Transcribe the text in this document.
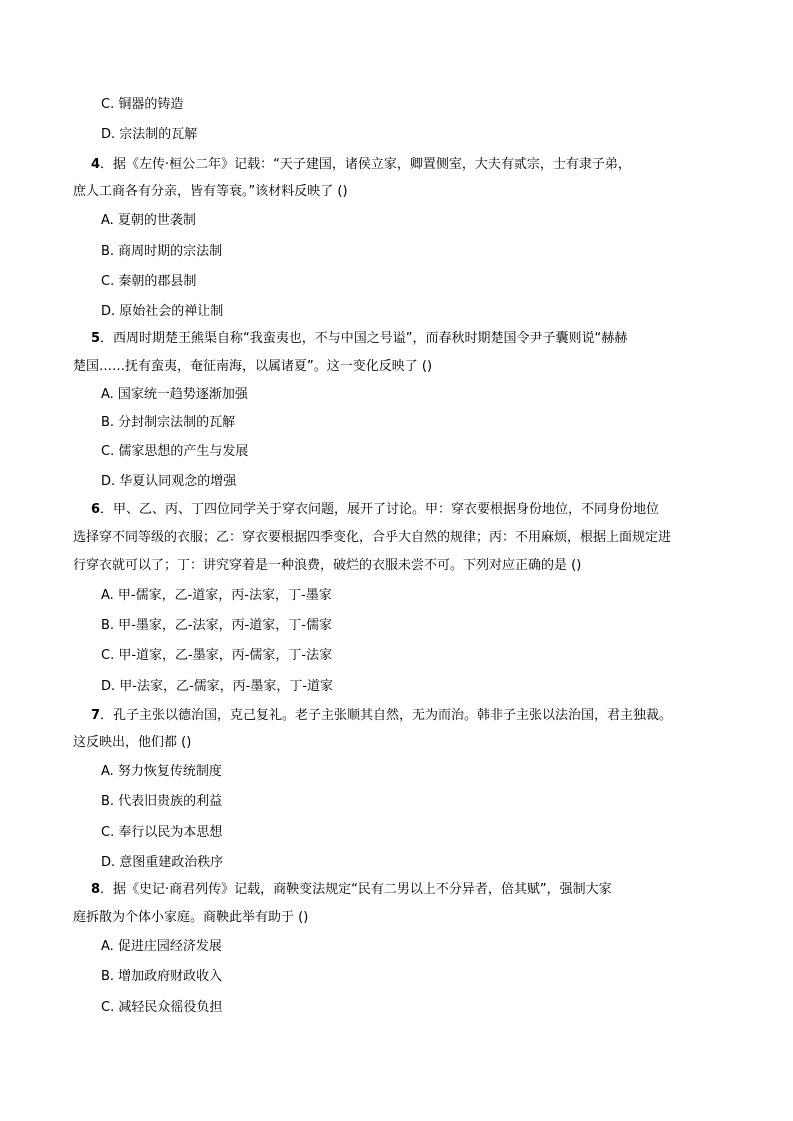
C. 铜器的铸造
D. 宗法制的瓦解
4．据《左传·桓公二年》记载：“天子建国，诸侯立家，卿置侧室，大夫有贰宗，士有隶子弟，
庶人工商各有分亲，皆有等衰。”该材料反映了 ()
A. 夏朝的世袭制
B. 商周时期的宗法制
C. 秦朝的郡县制
D. 原始社会的禅让制
5．西周时期楚王熊渠自称“我蛮夷也，不与中国之号谥”，而春秋时期楚国令尹子囊则说“赫赫
楚国……抚有蛮夷，奄征南海，以属诸夏”。这一变化反映了 ()
A. 国家统一趋势逐渐加强
B. 分封制宗法制的瓦解
C. 儒家思想的产生与发展
D. 华夏认同观念的增强
6．甲、乙、丙、丁四位同学关于穿衣问题，展开了讨论。甲：穿衣要根据身份地位，不同身份地位
选择穿不同等级的衣服；乙：穿衣要根据四季变化，合乎大自然的规律；丙：不用麻烦，根据上面规定进
行穿衣就可以了；丁：讲究穿着是一种浪费，破烂的衣服未尝不可。下列对应正确的是 ()
A. 甲-儒家，乙-道家，丙-法家，丁-墨家
B. 甲-墨家，乙-法家，丙-道家，丁-儒家
C. 甲-道家，乙-墨家，丙-儒家，丁-法家
D. 甲-法家，乙-儒家，丙-墨家，丁-道家
7．孔子主张以德治国，克己复礼。老子主张顺其自然，无为而治。韩非子主张以法治国，君主独裁。
这反映出，他们都 ()
A. 努力恢复传统制度
B. 代表旧贵族的利益
C. 奉行以民为本思想
D. 意图重建政治秩序
8．据《史记·商君列传》记载，商鞅变法规定“民有二男以上不分异者，倍其赋”，强制大家
庭拆散为个体小家庭。商鞅此举有助于 ()
A. 促进庄园经济发展
B. 增加政府财政收入
C. 减轻民众徭役负担
